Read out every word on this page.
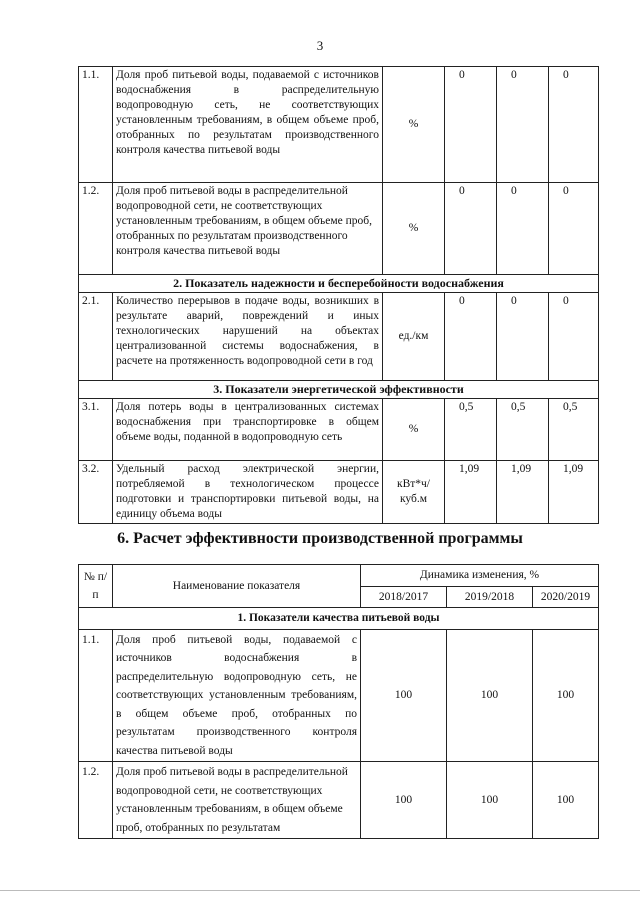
3
1.1.	Доля проб питьевой воды, подаваемой с источников водоснабжения в распределительную водопроводную сеть, не соответствующих установленным требованиям, в общем объеме проб, отобранных по результатам производственного контроля качества питьевой воды	%	0	0	0
1.2.	Доля проб питьевой воды в распределительной водопроводной сети, не соответствующих установленным требованиям, в общем объеме проб, отобранных по результатам производственного контроля качества питьевой воды	%	0	0	0
2. Показатель надежности и бесперебойности водоснабжения					
2.1.	Количество перерывов в подаче воды, возникших в результате аварий, повреждений и иных технологических нарушений на объектах централизованной системы водоснабжения, в расчете на протяженность водопроводной сети в год	ед./км	0	0	0
3. Показатели энергетической эффективности					
3.1.	Доля потерь воды в централизованных системах водоснабжения при транспортировке в общем объеме воды, поданной в водопроводную сеть	%	0,5	0,5	0,5
3.2.	Удельный расход электрической энергии, потребляемой в технологическом процессе подготовки и транспортировки питьевой воды, на единицу объема воды	кВт*ч/ куб.м	1,09	1,09	1,09
6. Расчет эффективности производственной программы
№ п/п	Наименование показателя	Динамика изменения, %		
		2018/2017	2019/2018	2020/2019
1. Показатели качества питьевой воды				
1.1.	Доля проб питьевой воды, подаваемой с источников водоснабжения в распределительную водопроводную сеть, не соответствующих установленным требованиям, в общем объеме проб, отобранных по результатам производственного контроля качества питьевой воды	100	100	100
1.2.	Доля проб питьевой воды в распределительной водопроводной сети, не соответствующих установленным требованиям, в общем объеме проб, отобранных по результатам	100	100	100
